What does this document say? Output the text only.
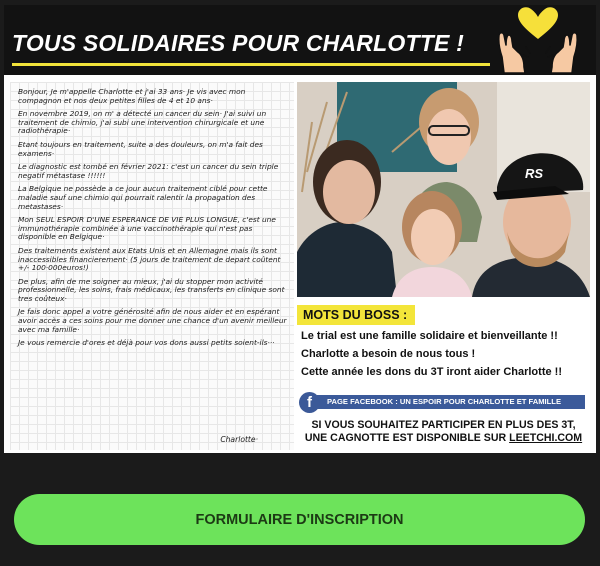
TOUS SOLIDAIRES POUR CHARLOTTE !

Bonjour, Je m'appelle Charlotte et j'ai 33 ans· Je vis avec mon compagnon et nos deux petites filles de 4 et 10 ans·

En novembre 2019, on m' a détecté un cancer du sein· J'ai suivi un traitement de chimio, j'ai subi une intervention chirurgicale et une radiothérapie·

Etant toujours en traitement, suite a des douleurs, on m'a fait des examens·

Le diagnostic est tombé en février 2021: c'est un cancer du sein triple negatif métastase !!!!!!

La Belgique ne possède a ce jour aucun traitement ciblé pour cette maladie sauf une chimio qui pourrait ralentir la propagation des metastases·

Mon SEUL ESPOIR D'UNE ESPERANCE DE VIE PLUS LONGUE, c'est une immunothérapie combinée à une vaccinothérapie qui n'est pas disponible en Belgique·

Des traitements existent aux Etats Unis et en Allemagne mais ils sont inaccessibles financierement· (5 jours de traitement de depart coûtent +/- 100·000euros!)

De plus, afin de me soigner au mieux, j'ai du stopper mon activité professionnelle, les soins, frais médicaux, les transferts en clinique sont tres coûteux·

Je fais donc appel a votre générosité afin de nous aider et en espérant avoir accès a ces soins pour me donner une chance d'un avenir meilleur avec ma famille·

Je vous remercie d'ores et déjà pour vos dons aussi petits soient-ils···

Charlotte·
RS
MOTS DU BOSS :
Le trial est une famille solidaire et bienveillante !!
Charlotte a besoin de nous tous !
Cette année les dons du 3T iront aider Charlotte !!
PAGE FACEBOOK : UN ESPOIR POUR CHARLOTTE ET FAMILLE
f
SI VOUS SOUHAITEZ PARTICIPER EN PLUS DES 3T,
UNE CAGNOTTE EST DISPONIBLE SUR LEETCHI.COM
FORMULAIRE D'INSCRIPTION
